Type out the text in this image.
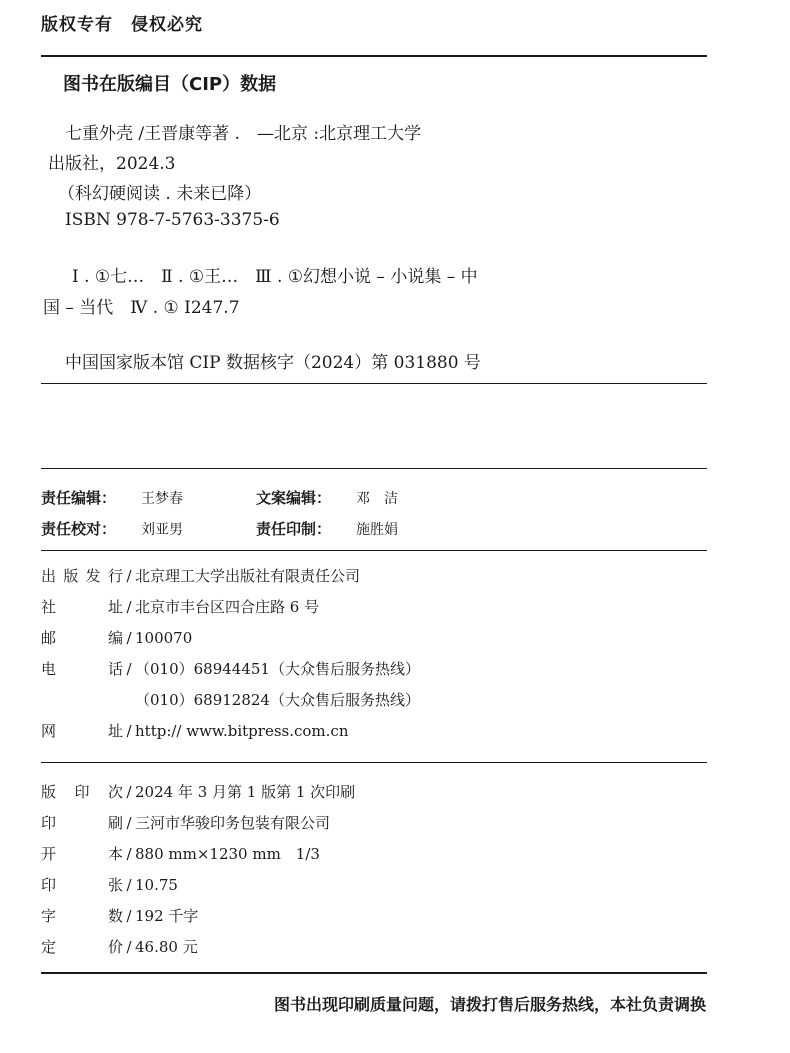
版权专有　侵权必究
图书在版编目（CIP）数据
七重外壳 /王晋康等著 .　—北京 :北京理工大学
出版社，2024.3
（科幻硬阅读 . 未来已降）
ISBN 978-7-5763-3375-6
Ⅰ . ①七…　Ⅱ . ①王…　Ⅲ . ①幻想小说 – 小说集 – 中
国 – 当代　Ⅳ . ① I247.7
中国国家版本馆 CIP 数据核字（2024）第 031880 号
责任编辑： 王梦春	文案编辑： 邓　洁
责任校对： 刘亚男	责任印制： 施胜娟
出版发行 / 北京理工大学出版社有限责任公司
社址 / 北京市丰台区四合庄路 6 号
邮编 / 100070
电话 / （010）68944451（大众售后服务热线）
（010）68912824（大众售后服务热线）
网址 / http:// www.bitpress.com.cn
版印次 / 2024 年 3 月第 1 版第 1 次印刷
印刷 / 三河市华骏印务包装有限公司
开本 / 880 mm×1230 mm　1/3
印张 / 10.75
字数 / 192 千字
定价 / 46.80 元
图书出现印刷质量问题，请拨打售后服务热线，本社负责调换
